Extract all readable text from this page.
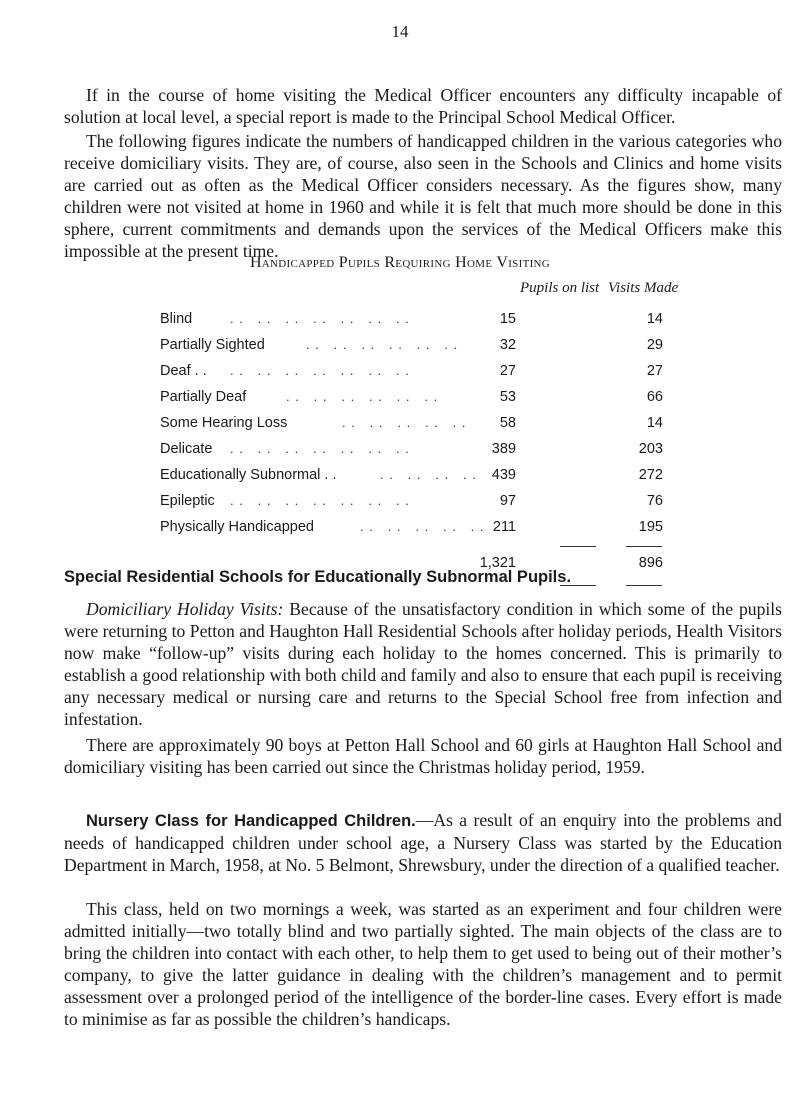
14

If in the course of home visiting the Medical Officer encounters any difficulty incapable of solution at local level, a special report is made to the Principal School Medical Officer.

The following figures indicate the numbers of handicapped children in the various categories who receive domiciliary visits. They are, of course, also seen in the Schools and Clinics and home visits are carried out as often as the Medical Officer considers necessary. As the figures show, many children were not visited at home in 1960 and while it is felt that much more should be done in this sphere, current commitments and demands upon the services of the Medical Officers make this impossible at the present time.

Handicapped Pupils Requiring Home Visiting
Pupils on list Visits Made
Blind	. .   . .   . .   . .   . .   . .   . .	15	14
Partially Sighted	. .   . .   . .   . .   . .   . .	32	29
Deaf . . . .   . .   . .   . .   . .   . .   . .	27	27
Partially Deaf	. .   . .   . .   . .   . .   . .	53	66
Some Hearing Loss	. .   . .   . .   . .   . .	58	14
Delicate . .   . .   . .   . .   . .   . .   . .	389	203
Educationally Subnormal . .	. .   . .   . .   . .	439	272
Epileptic . .   . .   . .   . .   . .   . .   . .	97	76
Physically Handicapped	. .   . .   . .   . .   . . 211	195
1,321	896
Special Residential Schools for Educationally Subnormal Pupils.

Domiciliary Holiday Visits: Because of the unsatisfactory condition in which some of the pupils were returning to Petton and Haughton Hall Residential Schools after holiday periods, Health Visitors now make “follow-up” visits during each holiday to the homes concerned. This is primarily to establish a good relationship with both child and family and also to ensure that each pupil is receiving any necessary medical or nursing care and returns to the Special School free from infection and infestation.

There are approximately 90 boys at Petton Hall School and 60 girls at Haughton Hall School and domiciliary visiting has been carried out since the Christmas holiday period, 1959.

Nursery Class for Handicapped Children.—As a result of an enquiry into the problems and needs of handicapped children under school age, a Nursery Class was started by the Education Department in March, 1958, at No. 5 Belmont, Shrewsbury, under the direction of a qualified teacher.

This class, held on two mornings a week, was started as an experiment and four children were admitted initially—two totally blind and two partially sighted. The main objects of the class are to bring the children into contact with each other, to help them to get used to being out of their mother’s company, to give the latter guidance in dealing with the children’s management and to permit assessment over a prolonged period of the intelligence of the border-line cases. Every effort is made to minimise as far as possible the children’s handicaps.
